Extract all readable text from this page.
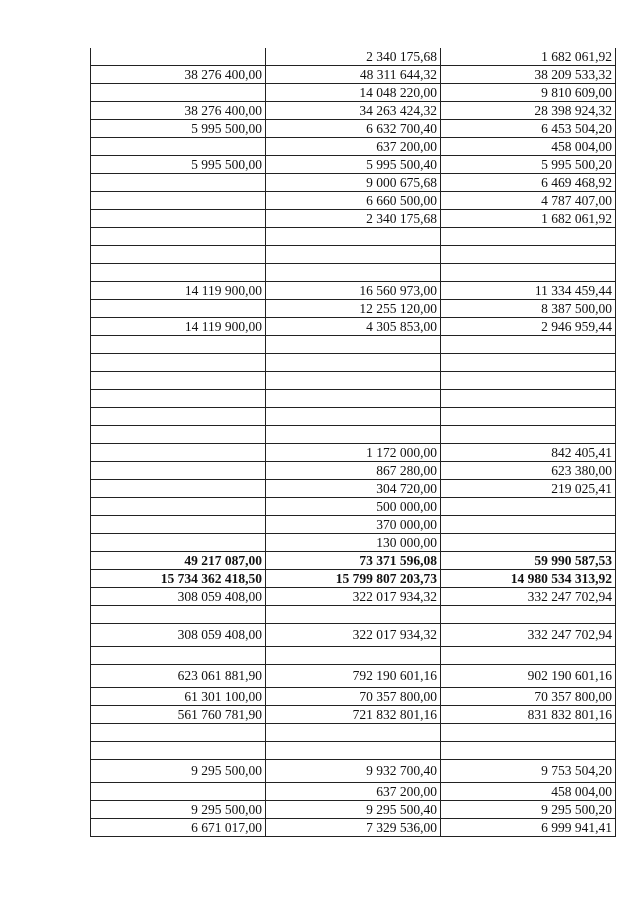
	2 340 175,68	1 682 061,92
38 276 400,00	48 311 644,32	38 209 533,32
	14 048 220,00	9 810 609,00
38 276 400,00	34 263 424,32	28 398 924,32
5 995 500,00	6 632 700,40	6 453 504,20
	637 200,00	458 004,00
5 995 500,00	5 995 500,40	5 995 500,20
	9 000 675,68	6 469 468,92
	6 660 500,00	4 787 407,00
	2 340 175,68	1 682 061,92

14 119 900,00	16 560 973,00	11 334 459,44
	12 255 120,00	8 387 500,00
14 119 900,00	4 305 853,00	2 946 959,44

	1 172 000,00	842 405,41
	867 280,00	623 380,00
	304 720,00	219 025,41
	500 000,00	
	370 000,00	
	130 000,00	
49 217 087,00	73 371 596,08	59 990 587,53
15 734 362 418,50	15 799 807 203,73	14 980 534 313,92
308 059 408,00	322 017 934,32	332 247 702,94

308 059 408,00	322 017 934,32	332 247 702,94

623 061 881,90	792 190 601,16	902 190 601,16
61 301 100,00	70 357 800,00	70 357 800,00
561 760 781,90	721 832 801,16	831 832 801,16

9 295 500,00	9 932 700,40	9 753 504,20
	637 200,00	458 004,00
9 295 500,00	9 295 500,40	9 295 500,20
6 671 017,00	7 329 536,00	6 999 941,41
